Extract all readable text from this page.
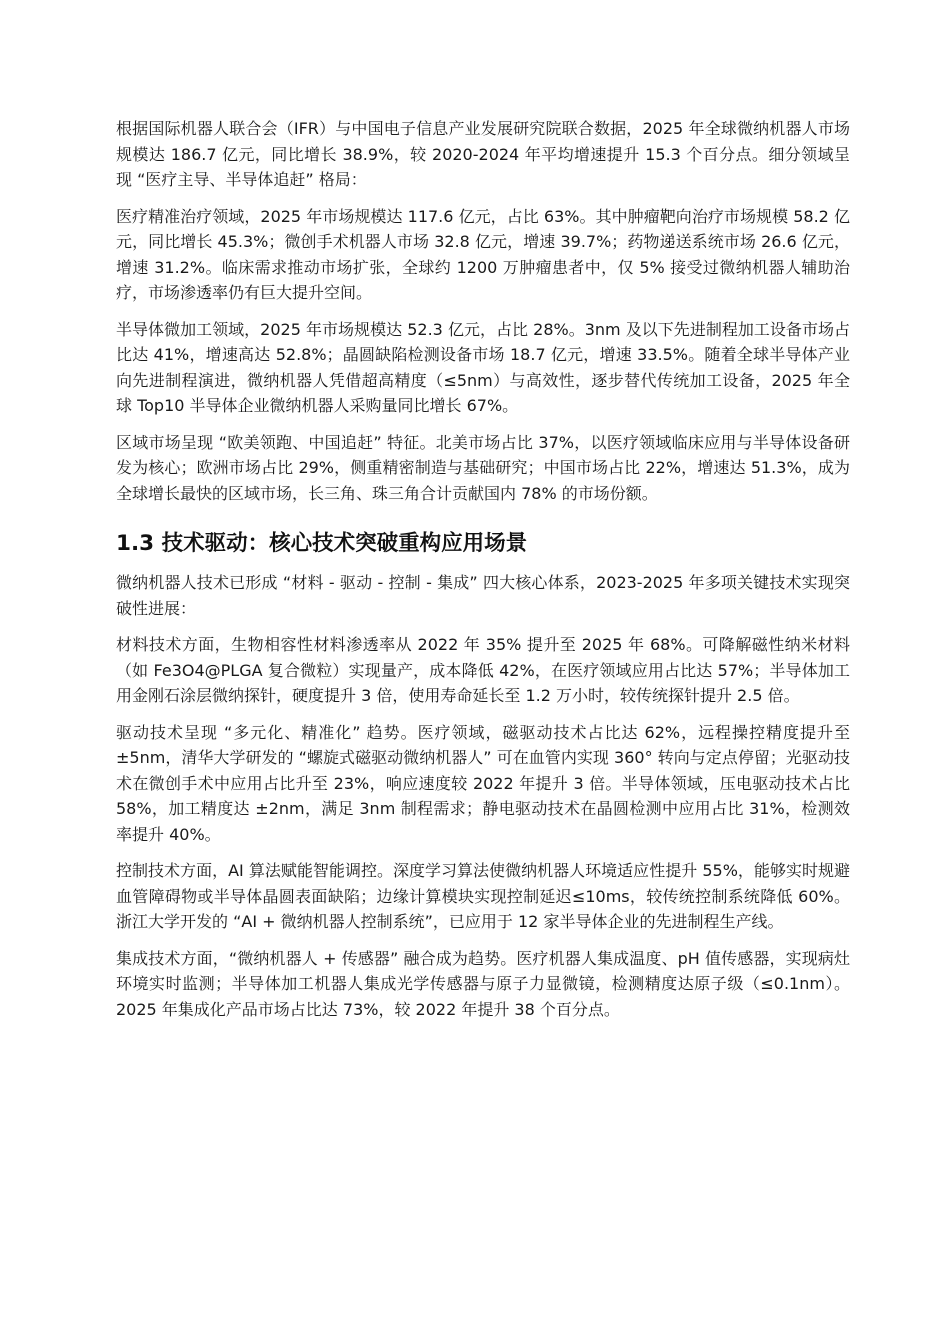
根据国际机器人联合会（IFR）与中国电子信息产业发展研究院联合数据，2025 年全球微纳机器人市场规模达 186.7 亿元，同比增长 38.9%，较 2020-2024 年平均增速提升 15.3 个百分点。细分领域呈现 “医疗主导、半导体追赶” 格局：

医疗精准治疗领域，2025 年市场规模达 117.6 亿元，占比 63%。其中肿瘤靶向治疗市场规模 58.2 亿元，同比增长 45.3%；微创手术机器人市场 32.8 亿元，增速 39.7%；药物递送系统市场 26.6 亿元，增速 31.2%。临床需求推动市场扩张，全球约 1200 万肿瘤患者中，仅 5% 接受过微纳机器人辅助治疗，市场渗透率仍有巨大提升空间。

半导体微加工领域，2025 年市场规模达 52.3 亿元，占比 28%。3nm 及以下先进制程加工设备市场占比达 41%，增速高达 52.8%；晶圆缺陷检测设备市场 18.7 亿元，增速 33.5%。随着全球半导体产业向先进制程演进，微纳机器人凭借超高精度（≤5nm）与高效性，逐步替代传统加工设备，2025 年全球 Top10 半导体企业微纳机器人采购量同比增长 67%。

区域市场呈现 “欧美领跑、中国追赶” 特征。北美市场占比 37%，以医疗领域临床应用与半导体设备研发为核心；欧洲市场占比 29%，侧重精密制造与基础研究；中国市场占比 22%，增速达 51.3%，成为全球增长最快的区域市场，长三角、珠三角合计贡献国内 78% 的市场份额。

1.3 技术驱动：核心技术突破重构应用场景

微纳机器人技术已形成 “材料 - 驱动 - 控制 - 集成” 四大核心体系，2023-2025 年多项关键技术实现突破性进展：

材料技术方面，生物相容性材料渗透率从 2022 年 35% 提升至 2025 年 68%。可降解磁性纳米材料（如 Fe3O4@PLGA 复合微粒）实现量产，成本降低 42%，在医疗领域应用占比达 57%；半导体加工用金刚石涂层微纳探针，硬度提升 3 倍，使用寿命延长至 1.2 万小时，较传统探针提升 2.5 倍。

驱动技术呈现 “多元化、精准化” 趋势。医疗领域，磁驱动技术占比达 62%，远程操控精度提升至 ±5nm，清华大学研发的 “螺旋式磁驱动微纳机器人” 可在血管内实现 360° 转向与定点停留；光驱动技术在微创手术中应用占比升至 23%，响应速度较 2022 年提升 3 倍。半导体领域，压电驱动技术占比 58%，加工精度达 ±2nm，满足 3nm 制程需求；静电驱动技术在晶圆检测中应用占比 31%，检测效率提升 40%。

控制技术方面，AI 算法赋能智能调控。深度学习算法使微纳机器人环境适应性提升 55%，能够实时规避血管障碍物或半导体晶圆表面缺陷；边缘计算模块实现控制延迟≤10ms，较传统控制系统降低 60%。浙江大学开发的 “AI + 微纳机器人控制系统”，已应用于 12 家半导体企业的先进制程生产线。

集成技术方面，“微纳机器人 + 传感器” 融合成为趋势。医疗机器人集成温度、pH 值传感器，实现病灶环境实时监测；半导体加工机器人集成光学传感器与原子力显微镜，检测精度达原子级（≤0.1nm）。2025 年集成化产品市场占比达 73%，较 2022 年提升 38 个百分点。
